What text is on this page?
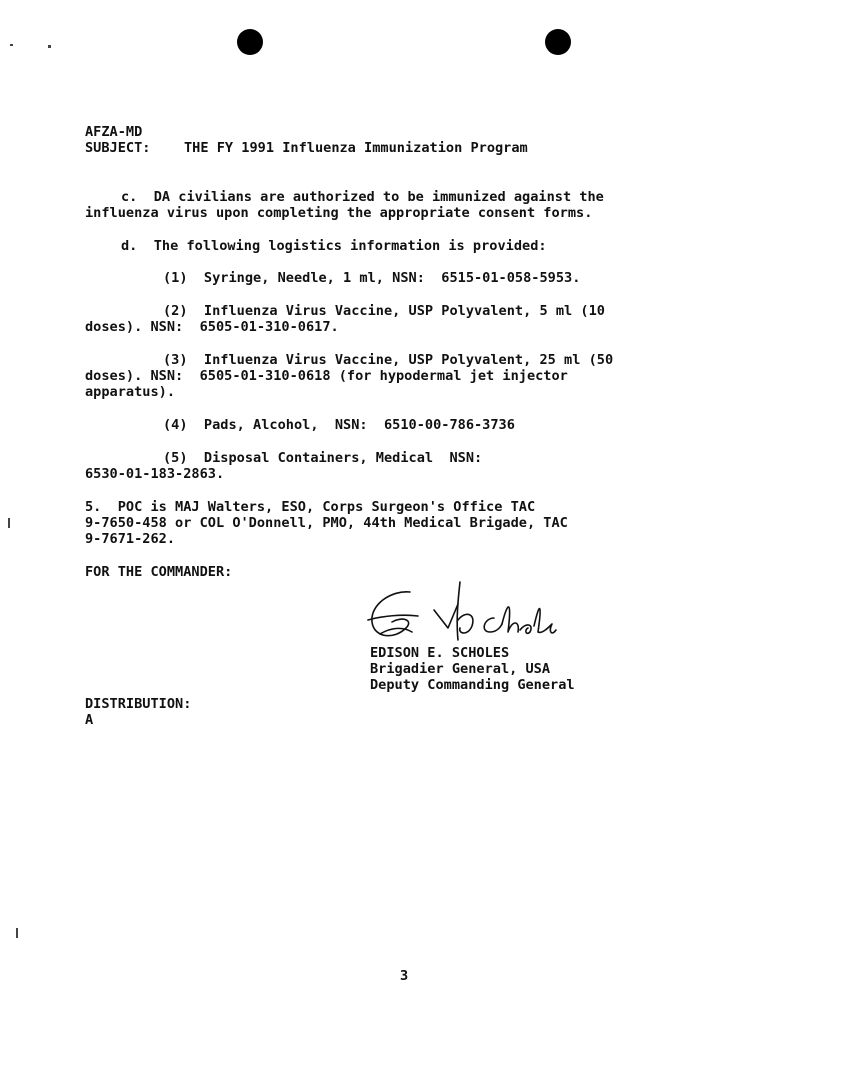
AFZA-MD
SUBJECT: THE FY 1991 Influenza Immunization Program
c.  DA civilians are authorized to be immunized against the
influenza virus upon completing the appropriate consent forms.
d.  The following logistics information is provided:
(1)  Syringe, Needle, 1 ml, NSN:  6515-01-058-5953.
(2)  Influenza Virus Vaccine, USP Polyvalent, 5 ml (10
doses). NSN:  6505-01-310-0617.
(3)  Influenza Virus Vaccine, USP Polyvalent, 25 ml (50
doses). NSN:  6505-01-310-0618 (for hypodermal jet injector
apparatus).
(4)  Pads, Alcohol,  NSN:  6510-00-786-3736
(5)  Disposal Containers, Medical  NSN:
6530-01-183-2863.
5.  POC is MAJ Walters, ESO, Corps Surgeon's Office TAC
9-7650-458 or COL O'Donnell, PMO, 44th Medical Brigade, TAC
9-7671-262.
FOR THE COMMANDER:
EDISON E. SCHOLES
Brigadier General, USA
Deputy Commanding General
DISTRIBUTION:
A
3
